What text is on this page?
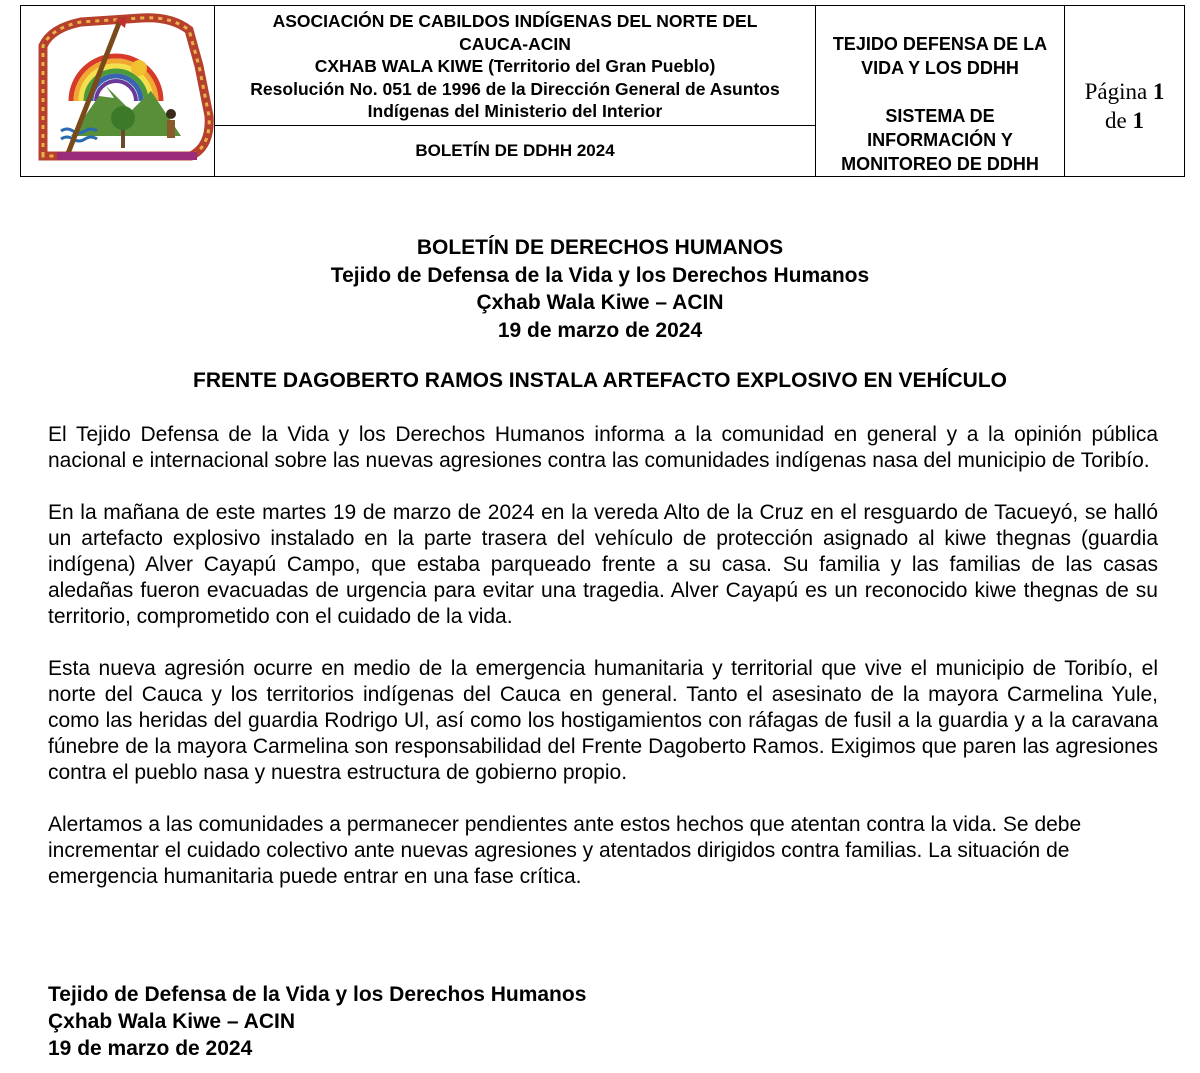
ASOCIACIÓN DE CABILDOS INDÍGENAS DEL NORTE DEL
CAUCA-ACIN
CXHAB WALA KIWE (Territorio del Gran Pueblo)
Resolución No. 051 de 1996 de la Dirección General de Asuntos
Indígenas del Ministerio del Interior
BOLETÍN DE DDHH 2024
TEJIDO DEFENSA DE LA
VIDA Y LOS DDHH
SISTEMA DE
INFORMACIÓN Y
MONITOREO DE DDHH
Página 1
de 1
BOLETÍN DE DERECHOS HUMANOS
Tejido de Defensa de la Vida y los Derechos Humanos
Çxhab Wala Kiwe – ACIN
19 de marzo de 2024
FRENTE DAGOBERTO RAMOS INSTALA ARTEFACTO EXPLOSIVO EN VEHÍCULO

El Tejido Defensa de la Vida y los Derechos Humanos informa a la comunidad en general y a la opinión pública nacional e internacional sobre las nuevas agresiones contra las comunidades indígenas nasa del municipio de Toribío.

En la mañana de este martes 19 de marzo de 2024 en la vereda Alto de la Cruz en el resguardo de Tacueyó, se halló un artefacto explosivo instalado en la parte trasera del vehículo de protección asignado al kiwe thegnas (guardia indígena) Alver Cayapú Campo, que estaba parqueado frente a su casa. Su familia y las familias de las casas aledañas fueron evacuadas de urgencia para evitar una tragedia. Alver Cayapú es un reconocido kiwe thegnas de su territorio, comprometido con el cuidado de la vida.

Esta nueva agresión ocurre en medio de la emergencia humanitaria y territorial que vive el municipio de Toribío, el norte del Cauca y los territorios indígenas del Cauca en general. Tanto el asesinato de la mayora Carmelina Yule, como las heridas del guardia Rodrigo Ul, así como los hostigamientos con ráfagas de fusil a la guardia y a la caravana fúnebre de la mayora Carmelina son responsabilidad del Frente Dagoberto Ramos. Exigimos que paren las agresiones contra el pueblo nasa y nuestra estructura de gobierno propio.

Alertamos a las comunidades a permanecer pendientes ante estos hechos que atentan contra la vida. Se debe incrementar el cuidado colectivo ante nuevas agresiones y atentados dirigidos contra familias. La situación de emergencia humanitaria puede entrar en una fase crítica.

Tejido de Defensa de la Vida y los Derechos Humanos
Çxhab Wala Kiwe – ACIN
19 de marzo de 2024
